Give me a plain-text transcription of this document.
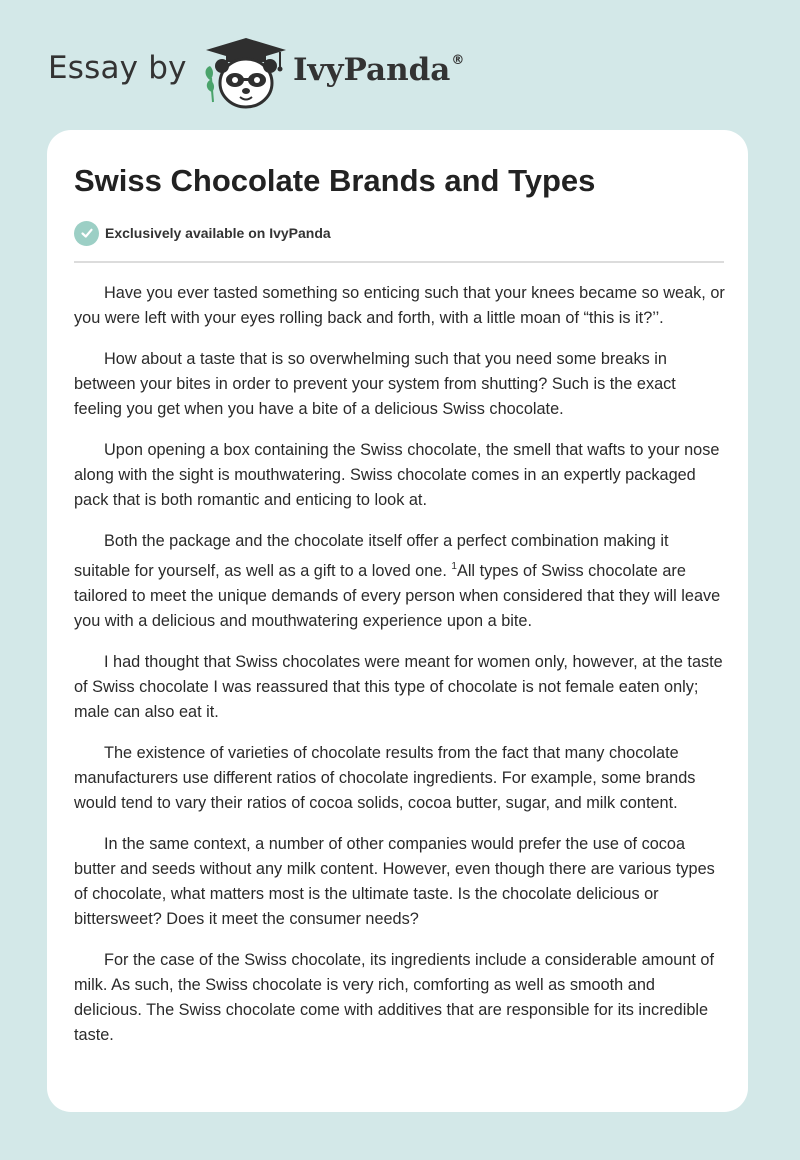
Essay by	IvyPanda®
Swiss Chocolate Brands and Types
Exclusively available on IvyPanda

Have you ever tasted something so enticing such that your knees became so weak, or you were left with your eyes rolling back and forth, with a little moan of “this is it?’’.

How about a taste that is so overwhelming such that you need some breaks in between your bites in order to prevent your system from shutting? Such is the exact feeling you get when you have a bite of a delicious Swiss chocolate.

Upon opening a box containing the Swiss chocolate, the smell that wafts to your nose along with the sight is mouthwatering. Swiss chocolate comes in an expertly packaged pack that is both romantic and enticing to look at.

Both the package and the chocolate itself offer a perfect combination making it suitable for yourself, as well as a gift to a loved one. $^1$All types of Swiss chocolate are tailored to meet the unique demands of every person when considered that they will leave you with a delicious and mouthwatering experience upon a bite.

I had thought that Swiss chocolates were meant for women only, however, at the taste of Swiss chocolate I was reassured that this type of chocolate is not female eaten only; male can also eat it.

The existence of varieties of chocolate results from the fact that many chocolate manufacturers use different ratios of chocolate ingredients. For example, some brands would tend to vary their ratios of cocoa solids, cocoa butter, sugar, and milk content.

In the same context, a number of other companies would prefer the use of cocoa butter and seeds without any milk content. However, even though there are various types of chocolate, what matters most is the ultimate taste. Is the chocolate delicious or bittersweet? Does it meet the consumer needs?

For the case of the Swiss chocolate, its ingredients include a considerable amount of milk. As such, the Swiss chocolate is very rich, comforting as well as smooth and delicious. The Swiss chocolate come with additives that are responsible for its incredible taste.
